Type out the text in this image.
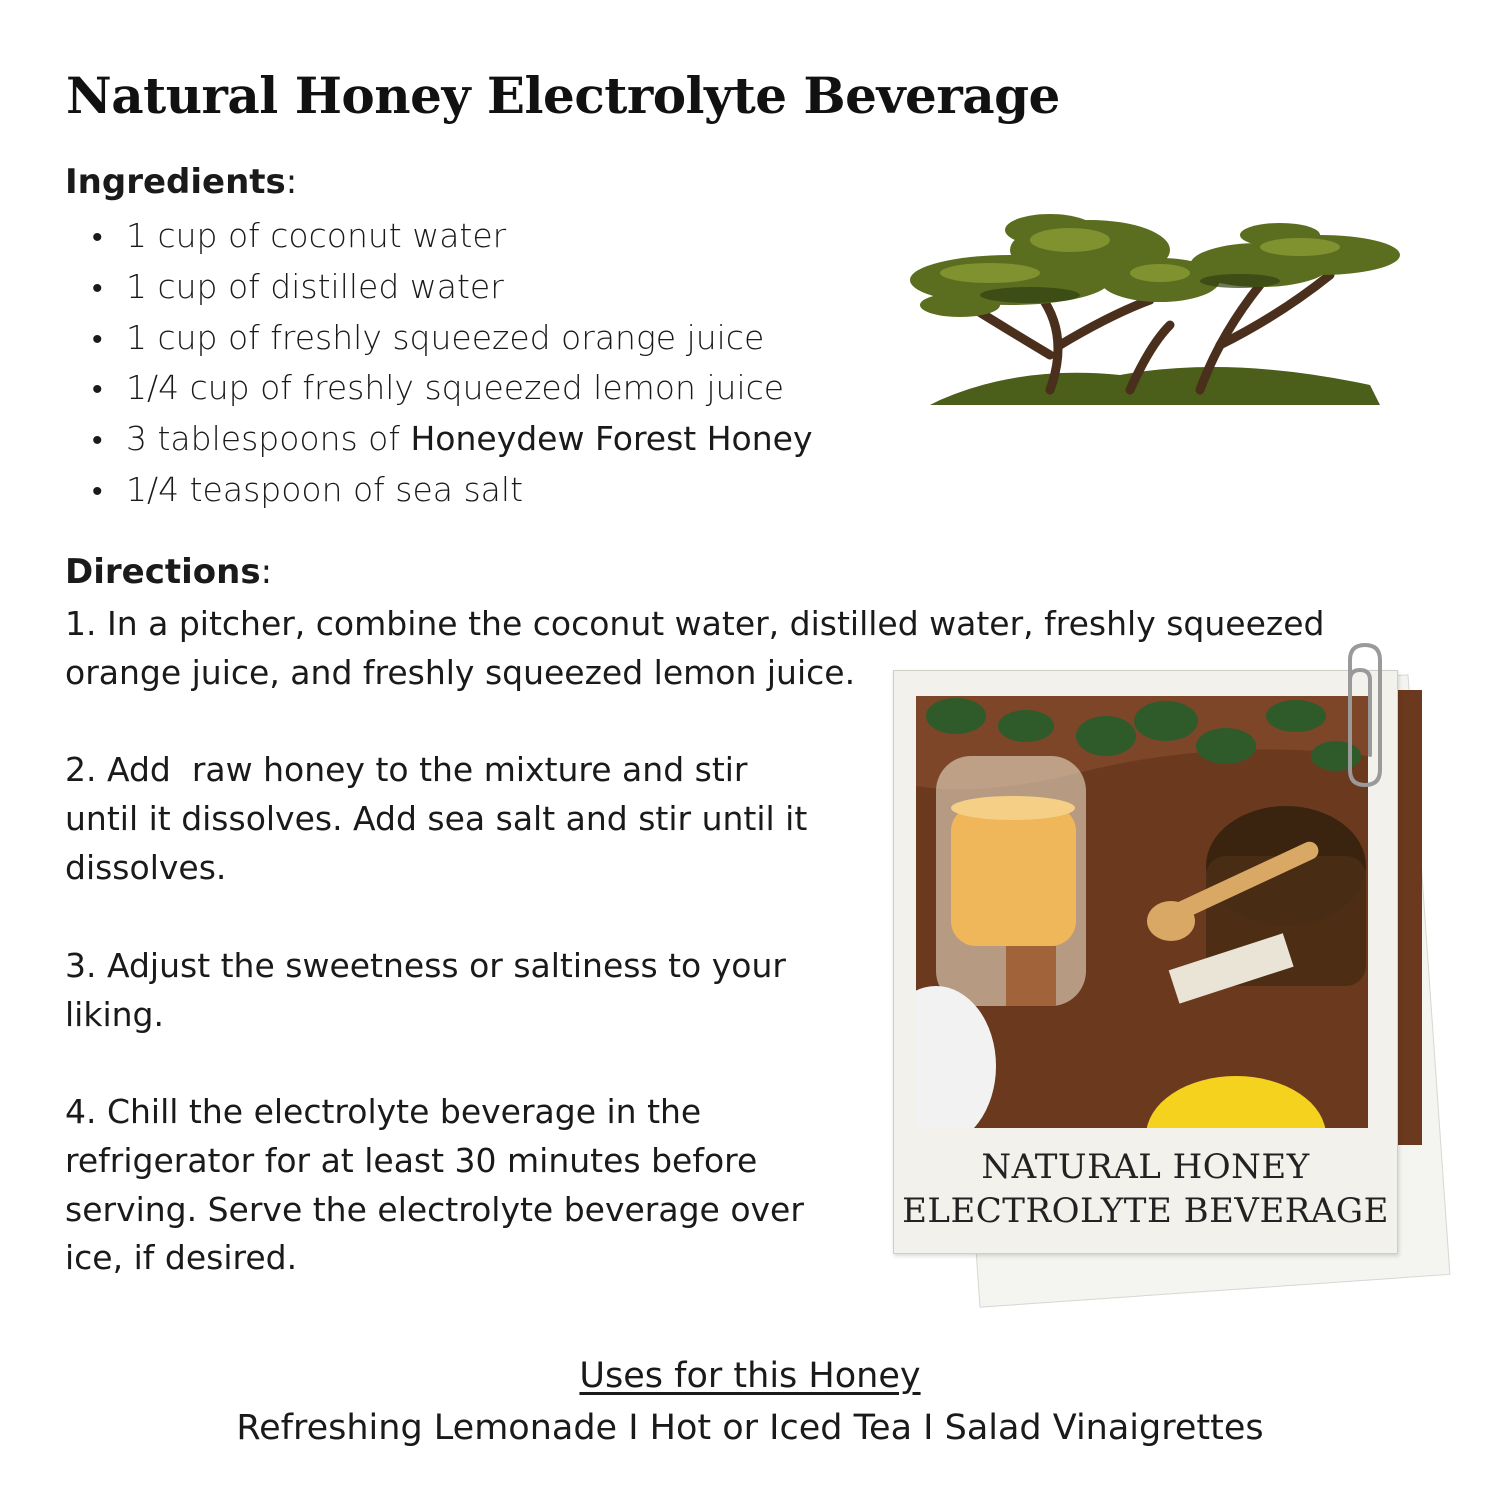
Natural Honey Electrolyte Beverage
Ingredients:
• 1 cup of coconut water
• 1 cup of distilled water
• 1 cup of freshly squeezed orange juice
• 1/4 cup of freshly squeezed lemon juice
• 3 tablespoons of Honeydew Forest Honey
• 1/4 teaspoon of sea salt
Directions:

1. In a pitcher, combine the coconut water, distilled water, freshly squeezed orange juice, and freshly squeezed lemon juice.

2. Add  raw honey to the mixture and stir until it dissolves. Add sea salt and stir until it dissolves.

3. Adjust the sweetness or saltiness to your liking.

4. Chill the electrolyte beverage in the refrigerator for at least 30 minutes before serving. Serve the electrolyte beverage over ice, if desired.

NATURAL HONEY
ELECTROLYTE BEVERAGE
Uses for this Honey
Refreshing Lemonade I Hot or Iced Tea I Salad Vinaigrettes
